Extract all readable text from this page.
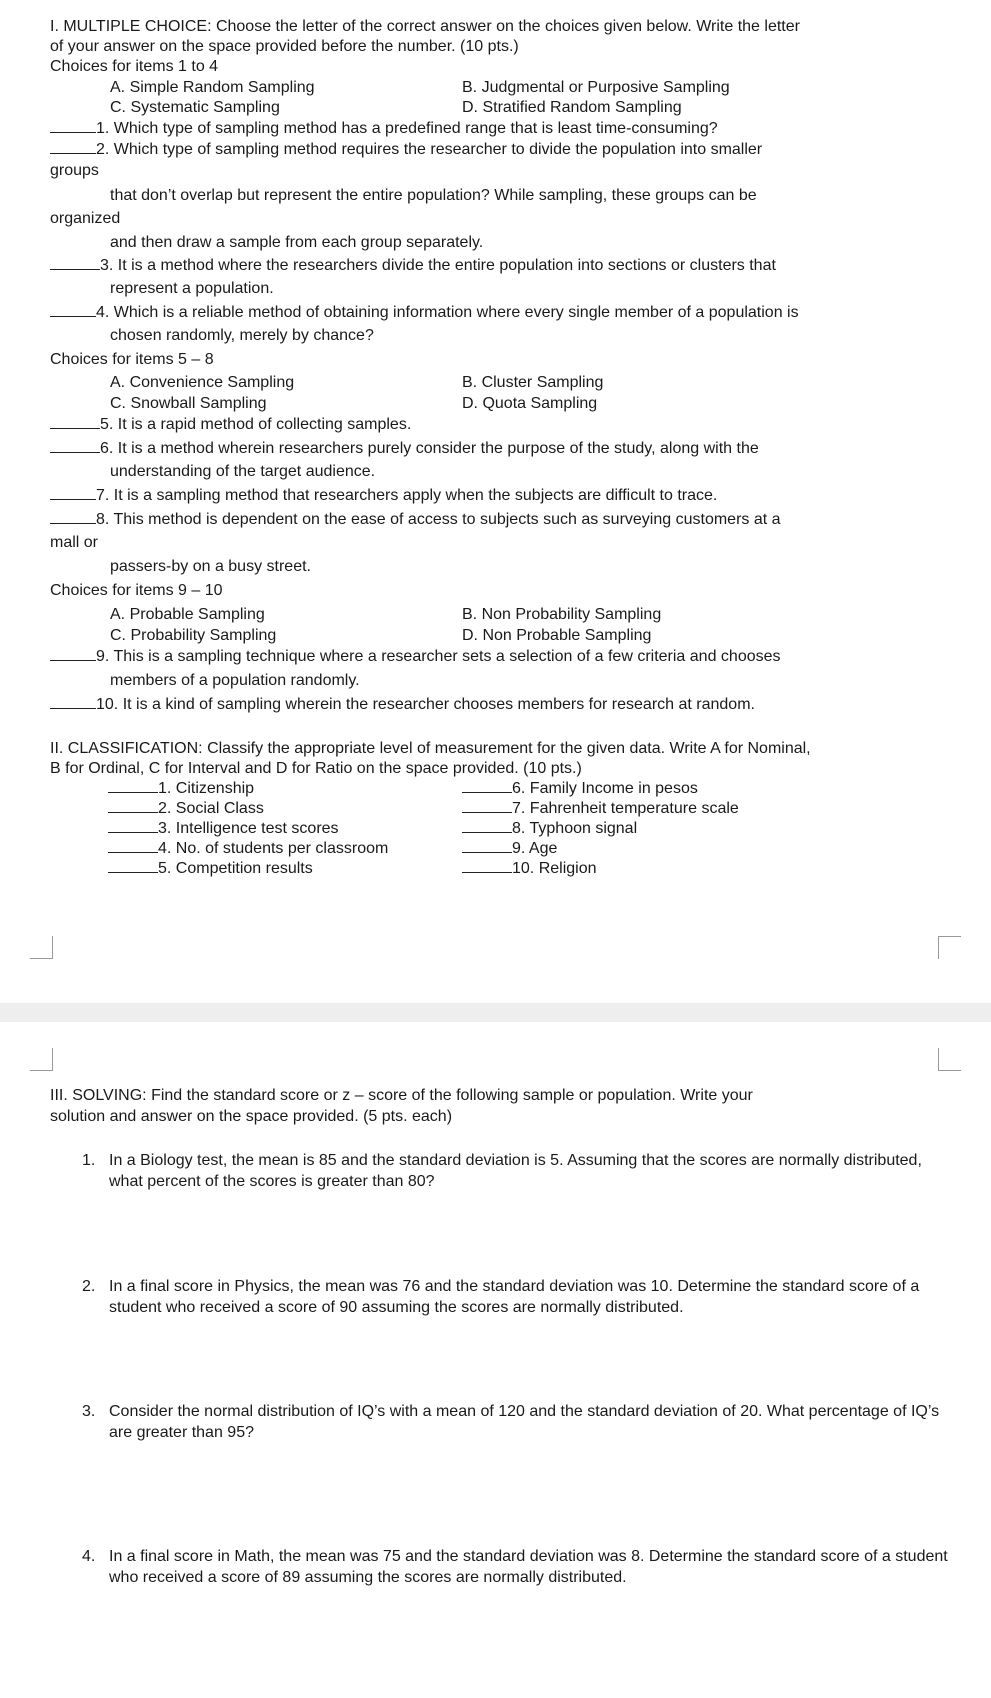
I. MULTIPLE CHOICE: Choose the letter of the correct answer on the choices given below. Write the letter
of your answer on the space provided before the number. (10 pts.)
Choices for items 1 to 4
A. Simple Random Sampling	B. Judgmental or Purposive Sampling
C. Systematic Sampling	D. Stratified Random Sampling
1. Which type of sampling method has a predefined range that is least time-consuming?
2. Which type of sampling method requires the researcher to divide the population into smaller
groups
that don’t overlap but represent the entire population? While sampling, these groups can be
organized
and then draw a sample from each group separately.
3. It is a method where the researchers divide the entire population into sections or clusters that
represent a population.
4. Which is a reliable method of obtaining information where every single member of a population is
chosen randomly, merely by chance?
Choices for items 5 – 8
A. Convenience Sampling	B. Cluster Sampling
C. Snowball Sampling	D. Quota Sampling
5. It is a rapid method of collecting samples.
6. It is a method wherein researchers purely consider the purpose of the study, along with the
understanding of the target audience.
7. It is a sampling method that researchers apply when the subjects are difficult to trace.
8. This method is dependent on the ease of access to subjects such as surveying customers at a
mall or
passers-by on a busy street.
Choices for items 9 – 10
A. Probable Sampling	B. Non Probability Sampling
C. Probability Sampling	D. Non Probable Sampling
9. This is a sampling technique where a researcher sets a selection of a few criteria and chooses
members of a population randomly.
10. It is a kind of sampling wherein the researcher chooses members for research at random.
II. CLASSIFICATION: Classify the appropriate level of measurement for the given data. Write A for Nominal,
B for Ordinal, C for Interval and D for Ratio on the space provided. (10 pts.)
1. Citizenship
2. Social Class
3. Intelligence test scores
4. No. of students per classroom
5. Competition results
6. Family Income in pesos
7. Fahrenheit temperature scale
8. Typhoon signal
9. Age
10. Religion
III. SOLVING: Find the standard score or z – score of the following sample or population. Write your
solution and answer on the space provided. (5 pts. each)
1. In a Biology test, the mean is 85 and the standard deviation is 5. Assuming that the scores are normally distributed, what percent of the scores is greater than 80?
2. In a final score in Physics, the mean was 76 and the standard deviation was 10. Determine the standard score of a student who received a score of 90 assuming the scores are normally distributed.
3. Consider the normal distribution of IQ’s with a mean of 120 and the standard deviation of 20. What percentage of IQ’s are greater than 95?
4. In a final score in Math, the mean was 75 and the standard deviation was 8. Determine the standard score of a student who received a score of 89 assuming the scores are normally distributed.
